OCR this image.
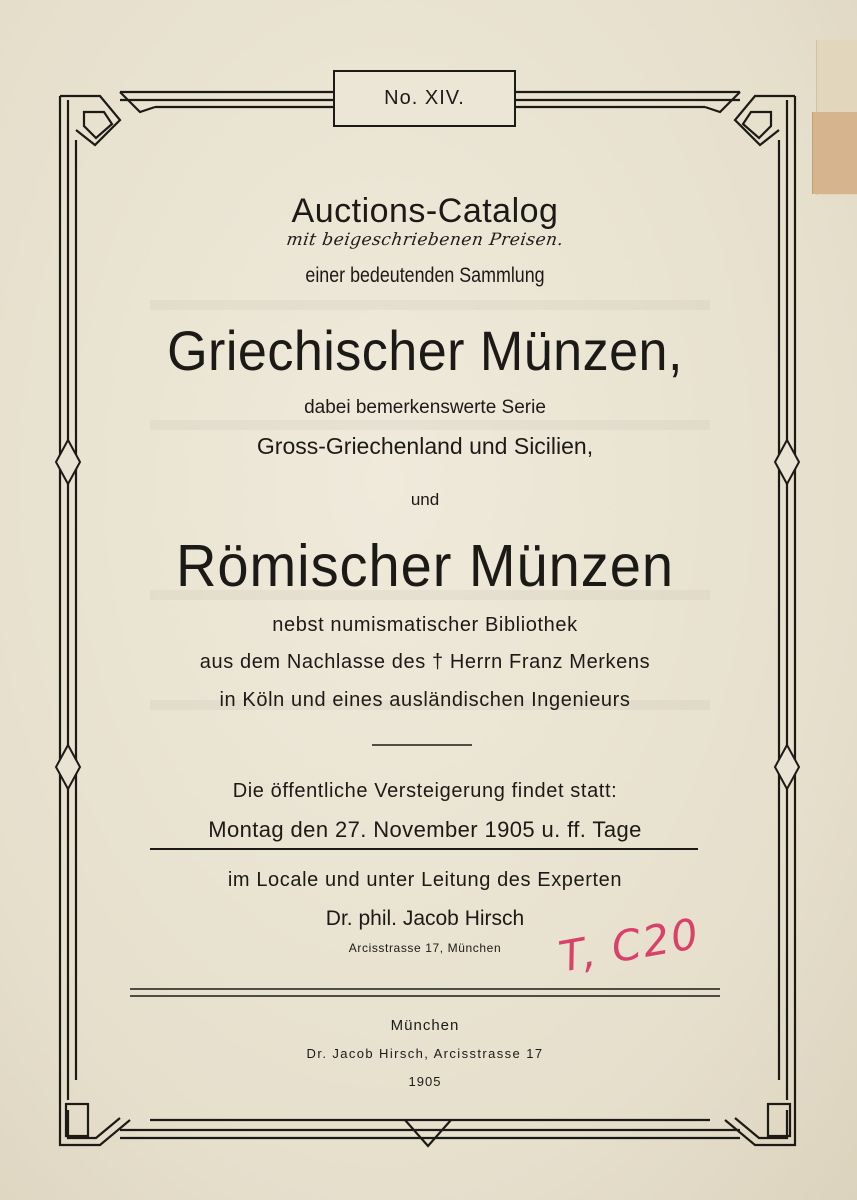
No. XIV.
Auctions-Catalog
mit beigeschriebenen Preisen.
einer bedeutenden Sammlung
Griechischer Münzen,
dabei bemerkenswerte Serie
Gross-Griechenland und Sicilien,
und
Römischer Münzen
nebst numismatischer Bibliothek
aus dem Nachlasse des † Herrn Franz Merkens
in Köln und eines ausländischen Ingenieurs
Die öffentliche Versteigerung findet statt:
Montag den 27. November 1905 u. ff. Tage
im Locale und unter Leitung des Experten
Dr. phil. Jacob Hirsch
Arcisstrasse 17, München
München
Dr. Jacob Hirsch, Arcisstrasse 17
1905
T, C20
